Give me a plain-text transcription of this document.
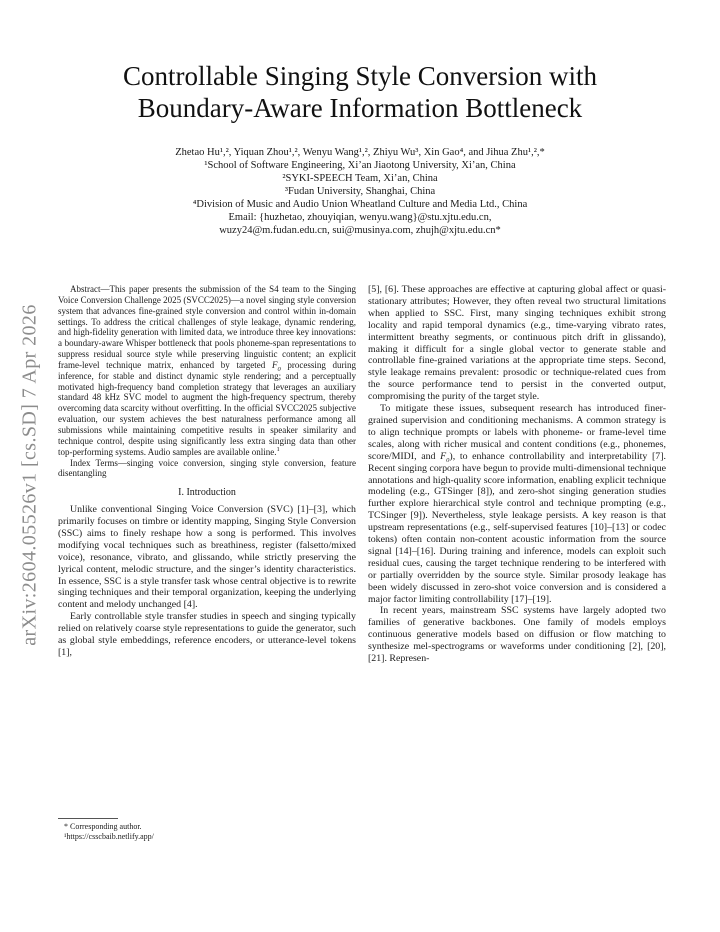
arXiv:2604.05526v1 [cs.SD] 7 Apr 2026
Controllable Singing Style Conversion with
Boundary-Aware Information Bottleneck
Zhetao Hu¹,², Yiquan Zhou¹,², Wenyu Wang¹,², Zhiyu Wu³, Xin Gao⁴, and Jihua Zhu¹,²,*
¹School of Software Engineering, Xi’an Jiaotong University, Xi’an, China
²SYKI-SPEECH Team, Xi’an, China
³Fudan University, Shanghai, China
⁴Division of Music and Audio Union Wheatland Culture and Media Ltd., China
Email: {huzhetao, zhouyiqian, wenyu.wang}@stu.xjtu.edu.cn,
wuzy24@m.fudan.edu.cn, sui@musinya.com, zhujh@xjtu.edu.cn*

Abstract—This paper presents the submission of the S4 team to the Singing Voice Conversion Challenge 2025 (SVCC2025)—a novel singing style conversion system that advances fine-grained style conversion and control within in-domain settings. To address the critical challenges of style leakage, dynamic rendering, and high-fidelity generation with limited data, we introduce three key innovations: a boundary-aware Whisper bottleneck that pools phoneme-span representations to suppress residual source style while preserving linguistic content; an explicit frame-level technique matrix, enhanced by targeted $F_0$ processing during inference, for stable and distinct dynamic style rendering; and a perceptually motivated high-frequency band completion strategy that leverages an auxiliary standard 48 kHz SVC model to augment the high-frequency spectrum, thereby overcoming data scarcity without overfitting. In the official SVCC2025 subjective evaluation, our system achieves the best naturalness performance among all submissions while maintaining competitive results in speaker similarity and technique control, despite using significantly less extra singing data than other top-performing systems. Audio samples are available online.$^1$

Index Terms—singing voice conversion, singing style conversion, feature disentangling

I. Introduction

Unlike conventional Singing Voice Conversion (SVC) [1]–[3], which primarily focuses on timbre or identity mapping, Singing Style Conversion (SSC) aims to finely reshape how a song is performed. This involves modifying vocal techniques such as breathiness, register (falsetto/mixed voice), resonance, vibrato, and glissando, while strictly preserving the lyrical content, melodic structure, and the singer’s identity characteristics. In essence, SSC is a style transfer task whose central objective is to rewrite singing techniques and their temporal organization, keeping the underlying content and melody unchanged [4].

Early controllable style transfer studies in speech and singing typically relied on relatively coarse style representations to guide the generator, such as global style embeddings, reference encoders, or utterance-level tokens [1],

* Corresponding author.
¹https://csscbaib.netlify.app/

[5], [6]. These approaches are effective at capturing global affect or quasi-stationary attributes; However, they often reveal two structural limitations when applied to SSC. First, many singing techniques exhibit strong locality and rapid temporal dynamics (e.g., time-varying vibrato rates, intermittent breathy segments, or continuous pitch drift in glissando), making it difficult for a single global vector to generate stable and controllable fine-grained variations at the appropriate time steps. Second, style leakage remains prevalent: prosodic or technique-related cues from the source performance tend to persist in the converted output, compromising the purity of the target style.

To mitigate these issues, subsequent research has introduced finer-grained supervision and conditioning mechanisms. A common strategy is to align technique prompts or labels with phoneme- or frame-level time scales, along with richer musical and content conditions (e.g., phonemes, score/MIDI, and $F_0$), to enhance controllability and interpretability [7]. Recent singing corpora have begun to provide multi-dimensional technique annotations and high-quality score information, enabling explicit technique modeling (e.g., GTSinger [8]), and zero-shot singing generation studies further explore hierarchical style control and technique prompting (e.g., TCSinger [9]). Nevertheless, style leakage persists. A key reason is that upstream representations (e.g., self-supervised features [10]–[13] or codec tokens) often contain non-content acoustic information from the source signal [14]–[16]. During training and inference, models can exploit such residual cues, causing the target technique rendering to be interfered with or partially overridden by the source style. Similar prosody leakage has been widely discussed in zero-shot voice conversion and is considered a major factor limiting controllability [17]–[19].

In recent years, mainstream SSC systems have largely adopted two families of generative backbones. One family of models employs continuous generative models based on diffusion or flow matching to synthesize mel-spectrograms or waveforms under conditioning [2], [20], [21]. Represen-
